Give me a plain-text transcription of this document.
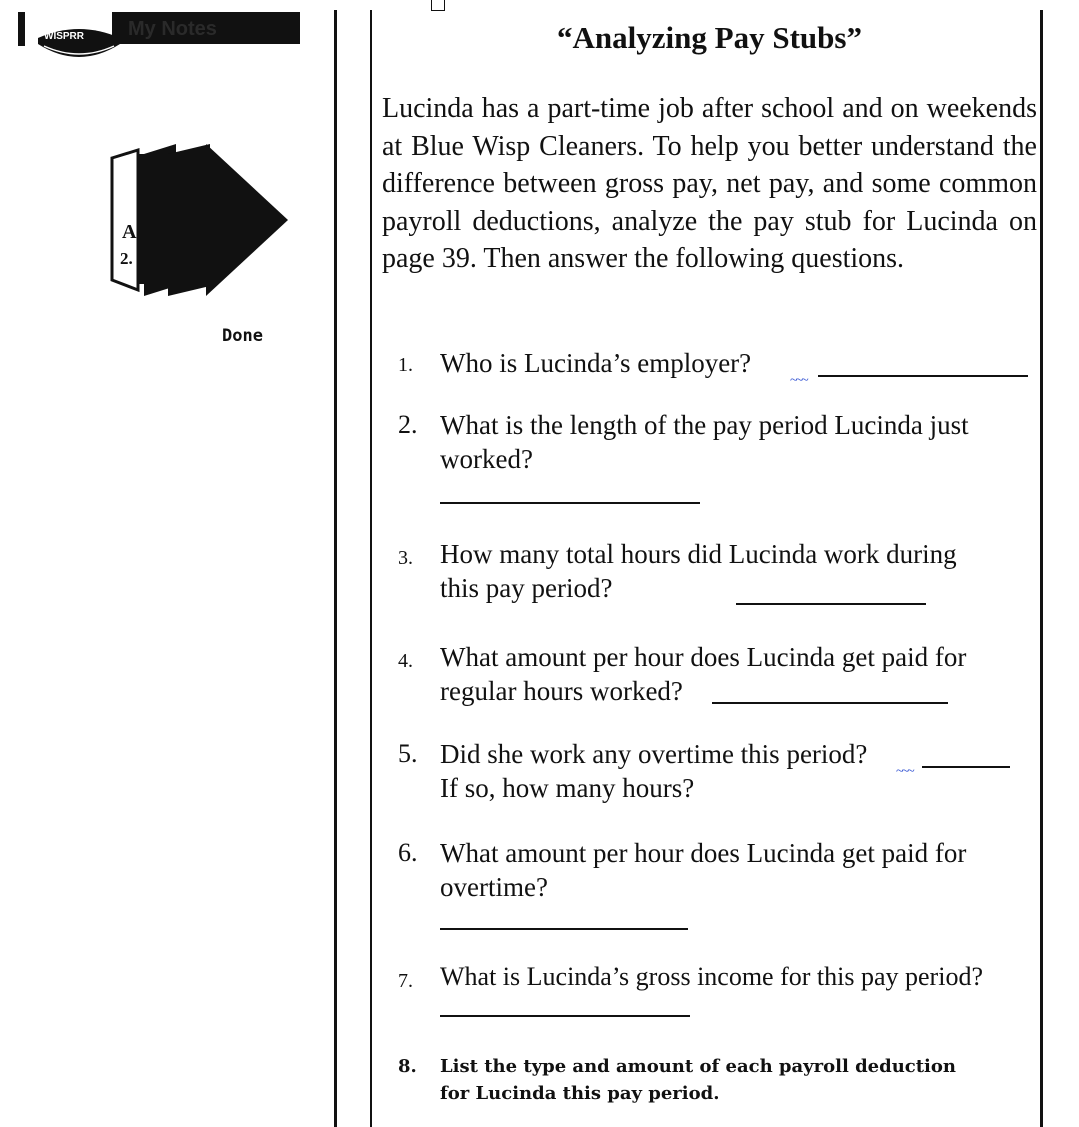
WISPRR My Notes
A
2.
Done
“Analyzing Pay Stubs”
Lucinda has a part-time job after school and on weekends at Blue Wisp Cleaners. To help you better understand the difference between gross pay, net pay, and some common payroll deductions, analyze the pay stub for Lucinda on page 39. Then answer the following questions.
1. Who is Lucinda’s employer?
~~~
2. What is the length of the pay period Lucinda just worked?
3. How many total hours did Lucinda work during this pay period?
4. What amount per hour does Lucinda get paid for regular hours worked?
5. Did she work any overtime this period?
If so, how many hours?
~~~
6. What amount per hour does Lucinda get paid for overtime?
7. What is Lucinda’s gross income for this pay period?
8. List the type and amount of each payroll deduction for Lucinda this pay period.
